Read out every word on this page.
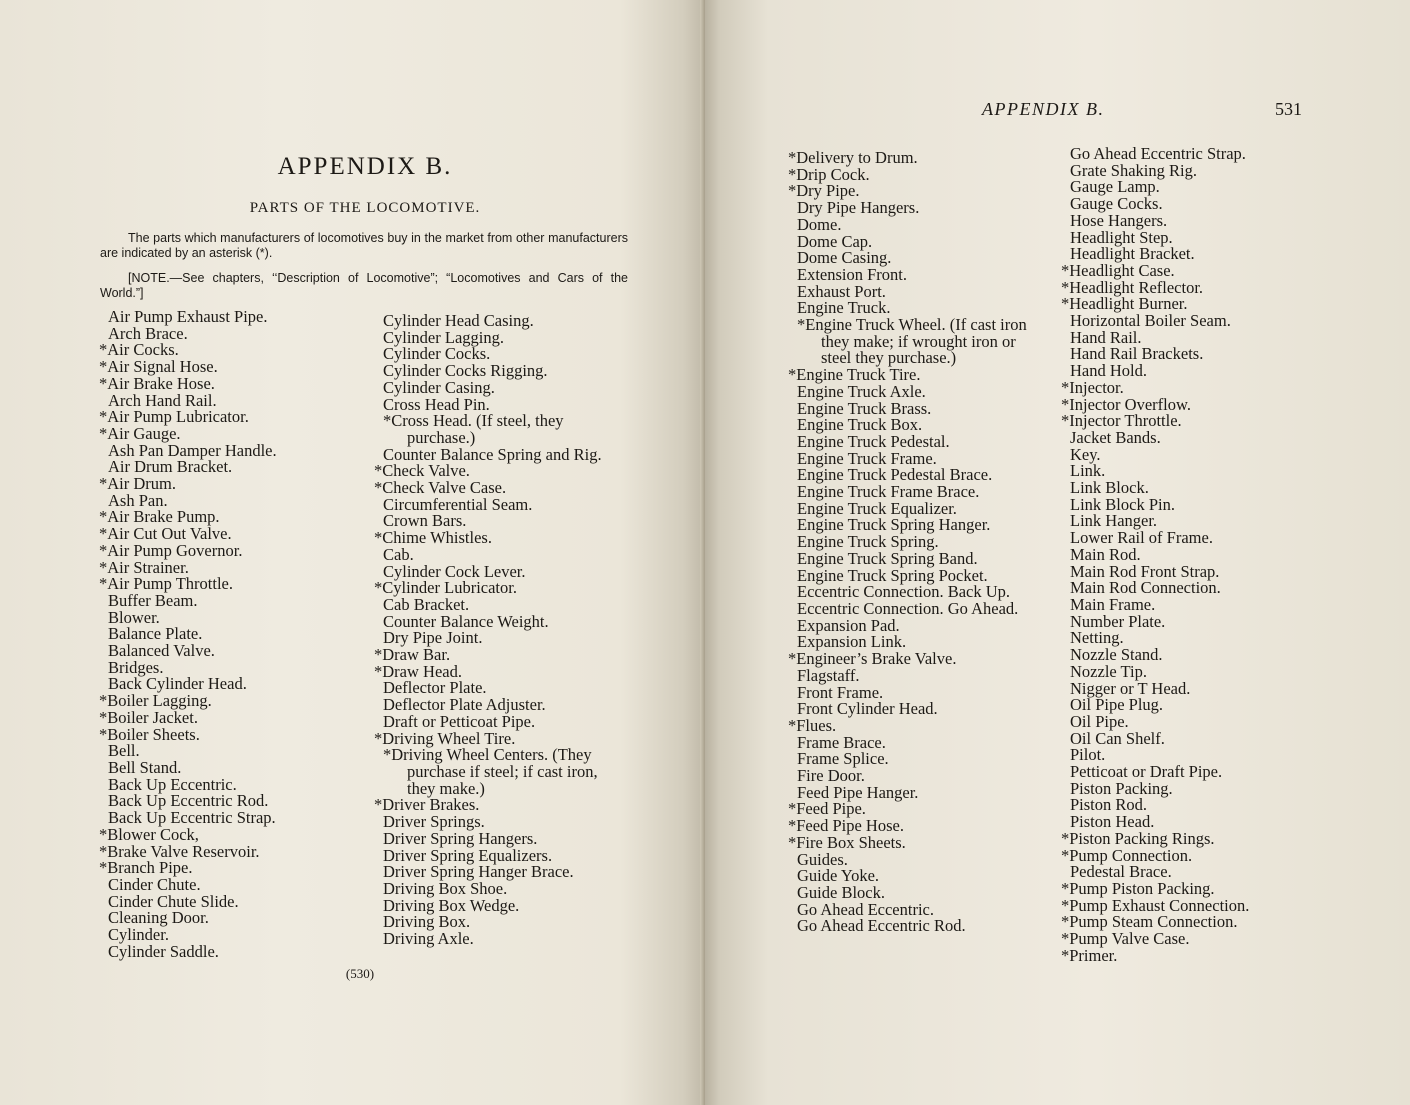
APPENDIX B.
PARTS OF THE LOCOMOTIVE.
The parts which manufacturers of locomotives buy in the market from other manufacturers are indicated by an asterisk (*).
[NOTE.—See chapters, ‘‘Description of Locomotive”; “Locomotives and Cars of the World.”]
Air Pump Exhaust Pipe.
Arch Brace.
*Air Cocks.
*Air Signal Hose.
*Air Brake Hose.
Arch Hand Rail.
*Air Pump Lubricator.
*Air Gauge.
Ash Pan Damper Handle.
Air Drum Bracket.
*Air Drum.
Ash Pan.
*Air Brake Pump.
*Air Cut Out Valve.
*Air Pump Governor.
*Air Strainer.
*Air Pump Throttle.
Buffer Beam.
Blower.
Balance Plate.
Balanced Valve.
Bridges.
Back Cylinder Head.
*Boiler Lagging.
*Boiler Jacket.
*Boiler Sheets.
Bell.
Bell Stand.
Back Up Eccentric.
Back Up Eccentric Rod.
Back Up Eccentric Strap.
*Blower Cock,
*Brake Valve Reservoir.
*Branch Pipe.
Cinder Chute.
Cinder Chute Slide.
Cleaning Door.
Cylinder.
Cylinder Saddle.
Cylinder Head Casing.
Cylinder Lagging.
Cylinder Cocks.
Cylinder Cocks Rigging.
Cylinder Casing.
Cross Head Pin.
*Cross Head. (If steel, they purchase.)
Counter Balance Spring and Rig.
*Check Valve.
*Check Valve Case.
Circumferential Seam.
Crown Bars.
*Chime Whistles.
Cab.
Cylinder Cock Lever.
*Cylinder Lubricator.
Cab Bracket.
Counter Balance Weight.
Dry Pipe Joint.
*Draw Bar.
*Draw Head.
Deflector Plate.
Deflector Plate Adjuster.
Draft or Petticoat Pipe.
*Driving Wheel Tire.
*Driving Wheel Centers. (They purchase if steel; if cast iron, they make.)
*Driver Brakes.
Driver Springs.
Driver Spring Hangers.
Driver Spring Equalizers.
Driver Spring Hanger Brace.
Driving Box Shoe.
Driving Box Wedge.
Driving Box.
Driving Axle.
(530)
APPENDIX B.	531
*Delivery to Drum.
*Drip Cock.
*Dry Pipe.
Dry Pipe Hangers.
Dome.
Dome Cap.
Dome Casing.
Extension Front.
Exhaust Port.
Engine Truck.
*Engine Truck Wheel. (If cast iron they make; if wrought iron or steel they purchase.)
*Engine Truck Tire.
Engine Truck Axle.
Engine Truck Brass.
Engine Truck Box.
Engine Truck Pedestal.
Engine Truck Frame.
Engine Truck Pedestal Brace.
Engine Truck Frame Brace.
Engine Truck Equalizer.
Engine Truck Spring Hanger.
Engine Truck Spring.
Engine Truck Spring Band.
Engine Truck Spring Pocket.
Eccentric Connection. Back Up.
Eccentric Connection. Go Ahead.
Expansion Pad.
Expansion Link.
*Engineer’s Brake Valve.
Flagstaff.
Front Frame.
Front Cylinder Head.
*Flues.
Frame Brace.
Frame Splice.
Fire Door.
Feed Pipe Hanger.
*Feed Pipe.
*Feed Pipe Hose.
*Fire Box Sheets.
Guides.
Guide Yoke.
Guide Block.
Go Ahead Eccentric.
Go Ahead Eccentric Rod.
Go Ahead Eccentric Strap.
Grate Shaking Rig.
Gauge Lamp.
Gauge Cocks.
Hose Hangers.
Headlight Step.
Headlight Bracket.
*Headlight Case.
*Headlight Reflector.
*Headlight Burner.
Horizontal Boiler Seam.
Hand Rail.
Hand Rail Brackets.
Hand Hold.
*Injector.
*Injector Overflow.
*Injector Throttle.
Jacket Bands.
Key.
Link.
Link Block.
Link Block Pin.
Link Hanger.
Lower Rail of Frame.
Main Rod.
Main Rod Front Strap.
Main Rod Connection.
Main Frame.
Number Plate.
Netting.
Nozzle Stand.
Nozzle Tip.
Nigger or T Head.
Oil Pipe Plug.
Oil Pipe.
Oil Can Shelf.
Pilot.
Petticoat or Draft Pipe.
Piston Packing.
Piston Rod.
Piston Head.
*Piston Packing Rings.
*Pump Connection.
Pedestal Brace.
*Pump Piston Packing.
*Pump Exhaust Connection.
*Pump Steam Connection.
*Pump Valve Case.
*Primer.
